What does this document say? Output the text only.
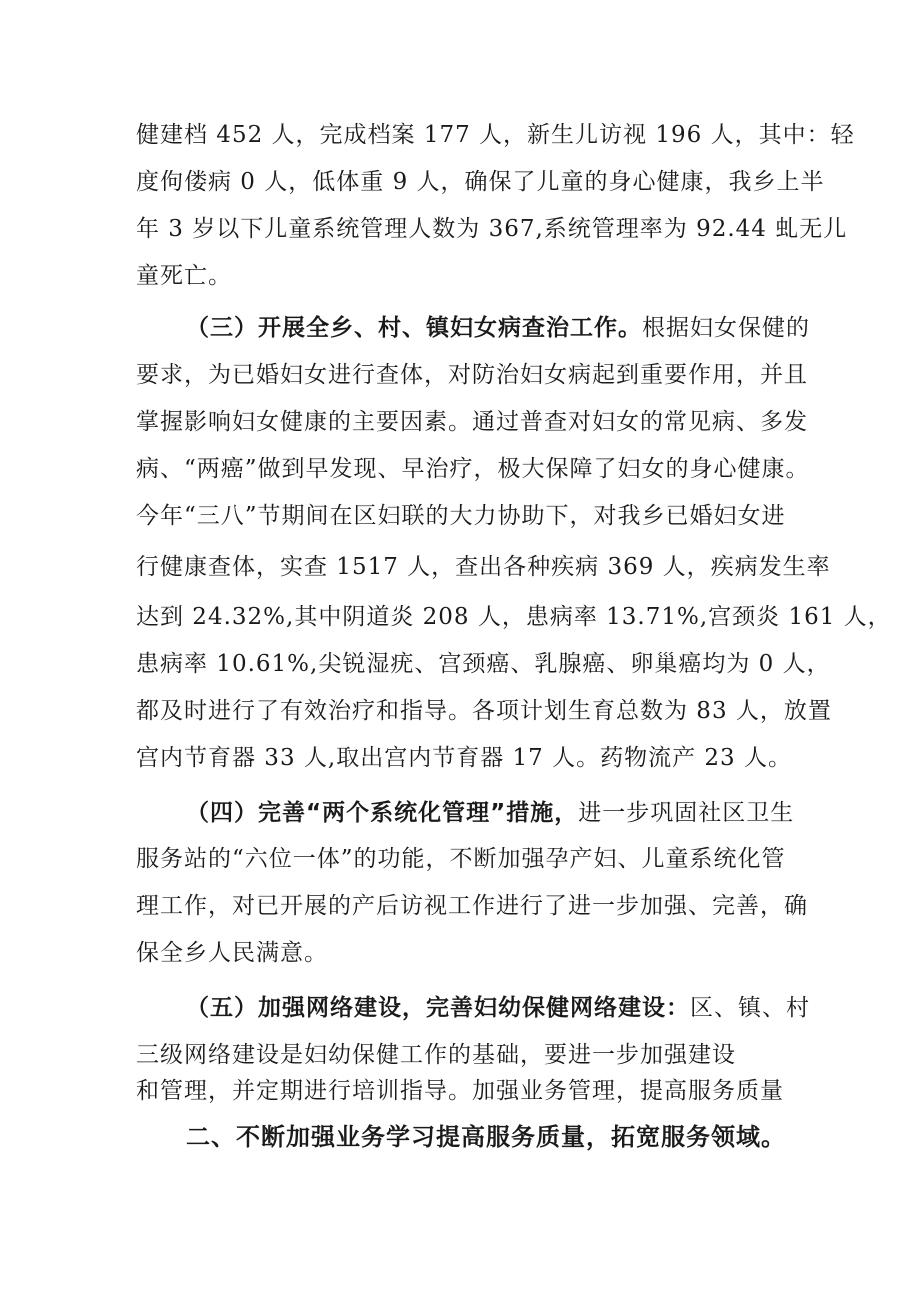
健建档 452 人，完成档案 177 人，新生儿访视 196 人，其中：轻
度佝偻病 0 人，低体重 9 人，确保了儿童的身心健康，我乡上半
年 3 岁以下儿童系统管理人数为 367,系统管理率为 92.44 虬无儿
童死亡。
（三）开展全乡、村、镇妇女病查治工作。根据妇女保健的
要求，为已婚妇女进行查体，对防治妇女病起到重要作用，并且
掌握影响妇女健康的主要因素。通过普查对妇女的常见病、多发
病、“两癌”做到早发现、早治疗，极大保障了妇女的身心健康。
今年“三八”节期间在区妇联的大力协助下，对我乡已婚妇女进
行健康查体，实查 1517 人，查出各种疾病 369 人，疾病发生率
达到 24.32%,其中阴道炎 208 人，患病率 13.71%,宫颈炎 161 人，
患病率 10.61%,尖锐湿疣、宫颈癌、乳腺癌、卵巢癌均为 0 人，
都及时进行了有效治疗和指导。各项计划生育总数为 83 人，放置
宫内节育器 33 人,取出宫内节育器 17 人。药物流产 23 人。
（四）完善“两个系统化管理”措施，进一步巩固社区卫生
服务站的“六位一体”的功能，不断加强孕产妇、儿童系统化管
理工作，对已开展的产后访视工作进行了进一步加强、完善，确
保全乡人民满意。
（五）加强网络建设，完善妇幼保健网络建设：区、镇、村
三级网络建设是妇幼保健工作的基础，要进一步加强建设
和管理，并定期进行培训指导。加强业务管理，提高服务质量
二、不断加强业务学习提高服务质量，拓宽服务领域。
